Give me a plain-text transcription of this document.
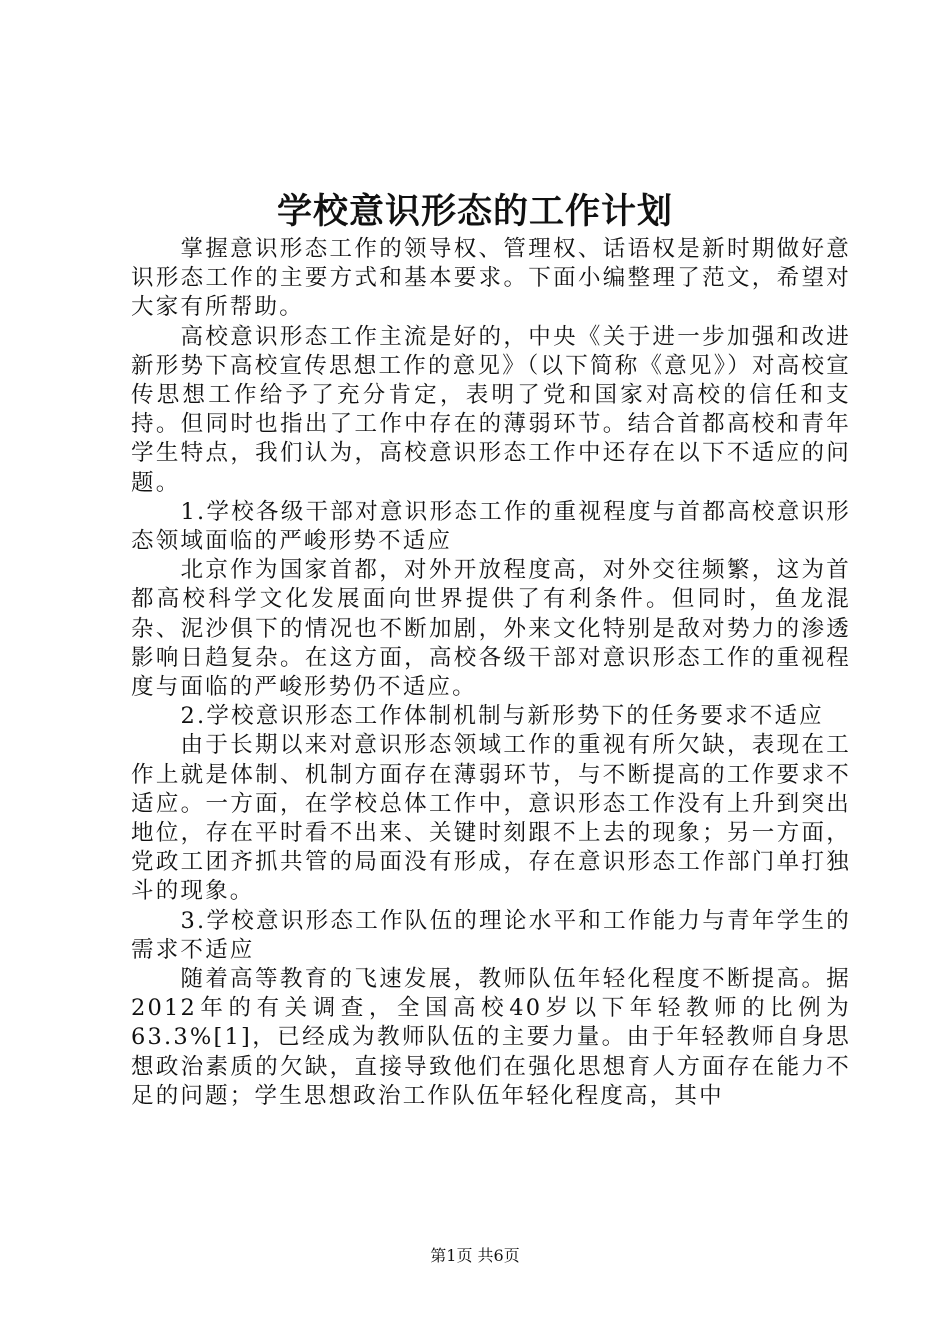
学校意识形态的工作计划

掌握意识形态工作的领导权、管理权、话语权是新时期做好意识形态工作的主要方式和基本要求。下面小编整理了范文，希望对大家有所帮助。

高校意识形态工作主流是好的，中央《关于进一步加强和改进新形势下高校宣传思想工作的意见》（以下简称《意见》）对高校宣传思想工作给予了充分肯定，表明了党和国家对高校的信任和支持。但同时也指出了工作中存在的薄弱环节。结合首都高校和青年学生特点，我们认为，高校意识形态工作中还存在以下不适应的问题。

1.学校各级干部对意识形态工作的重视程度与首都高校意识形态领域面临的严峻形势不适应

北京作为国家首都，对外开放程度高，对外交往频繁，这为首都高校科学文化发展面向世界提供了有利条件。但同时，鱼龙混杂、泥沙俱下的情况也不断加剧，外来文化特别是敌对势力的渗透影响日趋复杂。在这方面，高校各级干部对意识形态工作的重视程度与面临的严峻形势仍不适应。

2.学校意识形态工作体制机制与新形势下的任务要求不适应

由于长期以来对意识形态领域工作的重视有所欠缺，表现在工作上就是体制、机制方面存在薄弱环节，与不断提高的工作要求不适应。一方面，在学校总体工作中，意识形态工作没有上升到突出地位，存在平时看不出来、关键时刻跟不上去的现象；另一方面，党政工团齐抓共管的局面没有形成，存在意识形态工作部门单打独斗的现象。

3.学校意识形态工作队伍的理论水平和工作能力与青年学生的需求不适应

随着高等教育的飞速发展，教师队伍年轻化程度不断提高。据2012年的有关调查，全国高校40岁以下年轻教师的比例为63.3%[1]，已经成为教师队伍的主要力量。由于年轻教师自身思想政治素质的欠缺，直接导致他们在强化思想育人方面存在能力不足的问题；学生思想政治工作队伍年轻化程度高，其中

第1页 共6页
